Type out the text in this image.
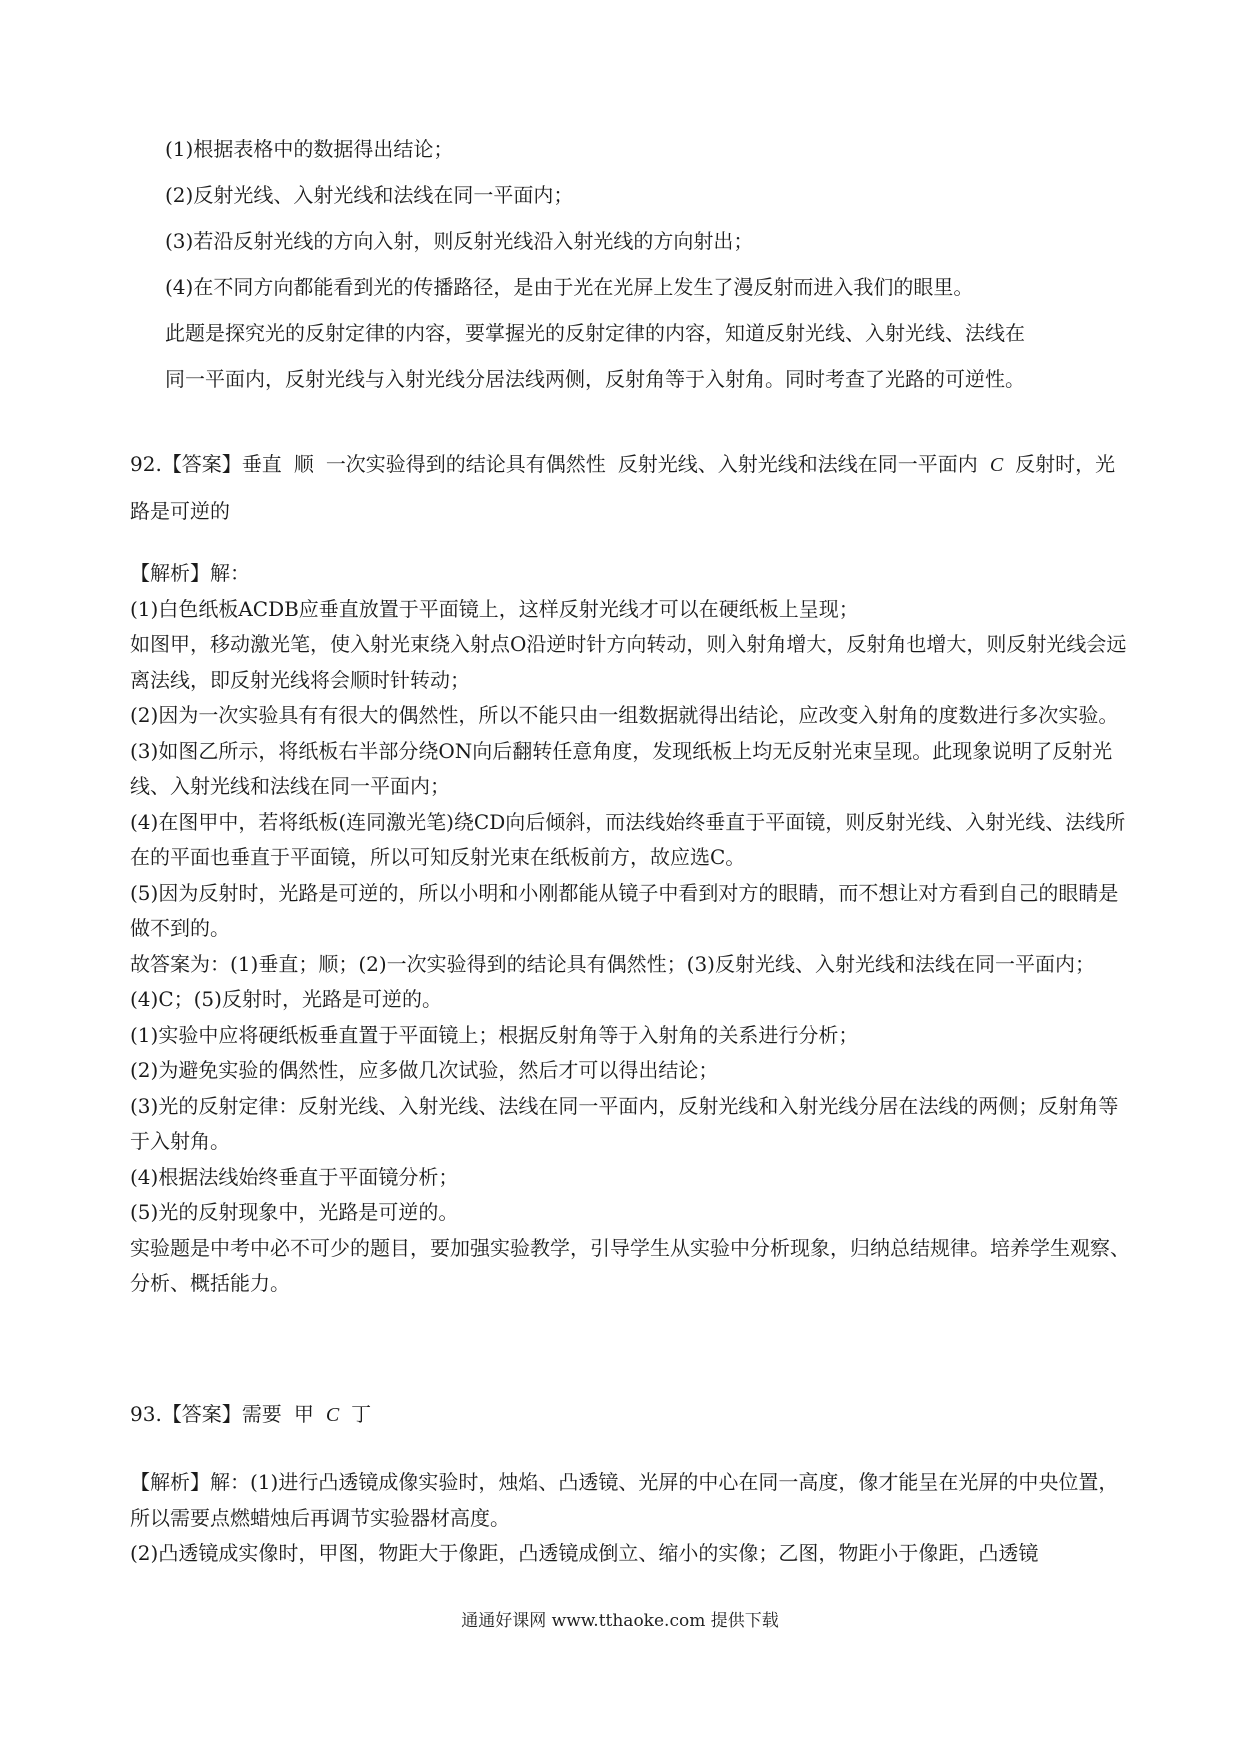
(1)根据表格中的数据得出结论；

(2)反射光线、入射光线和法线在同一平面内；

(3)若沿反射光线的方向入射，则反射光线沿入射光线的方向射出；

(4)在不同方向都能看到光的传播路径，是由于光在光屏上发生了漫反射而进入我们的眼里。

此题是探究光的反射定律的内容，要掌握光的反射定律的内容，知道反射光线、入射光线、法线在

同一平面内，反射光线与入射光线分居法线两侧，反射角等于入射角。同时考查了光路的可逆性。

92.【答案】垂直 顺 一次实验得到的结论具有偶然性 反射光线、入射光线和法线在同一平面内 C 反射时，光路是可逆的

【解析】解：

(1)白色纸板ACDB应垂直放置于平面镜上，这样反射光线才可以在硬纸板上呈现；

如图甲，移动激光笔，使入射光束绕入射点O沿逆时针方向转动，则入射角增大，反射角也增大，则反射光线会远离法线，即反射光线将会顺时针转动；

(2)因为一次实验具有有很大的偶然性，所以不能只由一组数据就得出结论，应改变入射角的度数进行多次实验。

(3)如图乙所示，将纸板右半部分绕ON向后翻转任意角度，发现纸板上均无反射光束呈现。此现象说明了反射光线、入射光线和法线在同一平面内；

(4)在图甲中，若将纸板(连同激光笔)绕CD向后倾斜，而法线始终垂直于平面镜，则反射光线、入射光线、法线所在的平面也垂直于平面镜，所以可知反射光束在纸板前方，故应选C。

(5)因为反射时，光路是可逆的，所以小明和小刚都能从镜子中看到对方的眼睛，而不想让对方看到自己的眼睛是做不到的。

故答案为：(1)垂直；顺；(2)一次实验得到的结论具有偶然性；(3)反射光线、入射光线和法线在同一平面内；(4)C；(5)反射时，光路是可逆的。

(1)实验中应将硬纸板垂直置于平面镜上；根据反射角等于入射角的关系进行分析；

(2)为避免实验的偶然性，应多做几次试验，然后才可以得出结论；

(3)光的反射定律：反射光线、入射光线、法线在同一平面内，反射光线和入射光线分居在法线的两侧；反射角等于入射角。

(4)根据法线始终垂直于平面镜分析；

(5)光的反射现象中，光路是可逆的。

实验题是中考中必不可少的题目，要加强实验教学，引导学生从实验中分析现象，归纳总结规律。培养学生观察、分析、概括能力。

93.【答案】需要 甲 C 丁

【解析】解：(1)进行凸透镜成像实验时，烛焰、凸透镜、光屏的中心在同一高度，像才能呈在光屏的中央位置，所以需要点燃蜡烛后再调节实验器材高度。

(2)凸透镜成实像时，甲图，物距大于像距，凸透镜成倒立、缩小的实像；乙图，物距小于像距，凸透镜

通通好课网 www.tthaoke.com 提供下载
